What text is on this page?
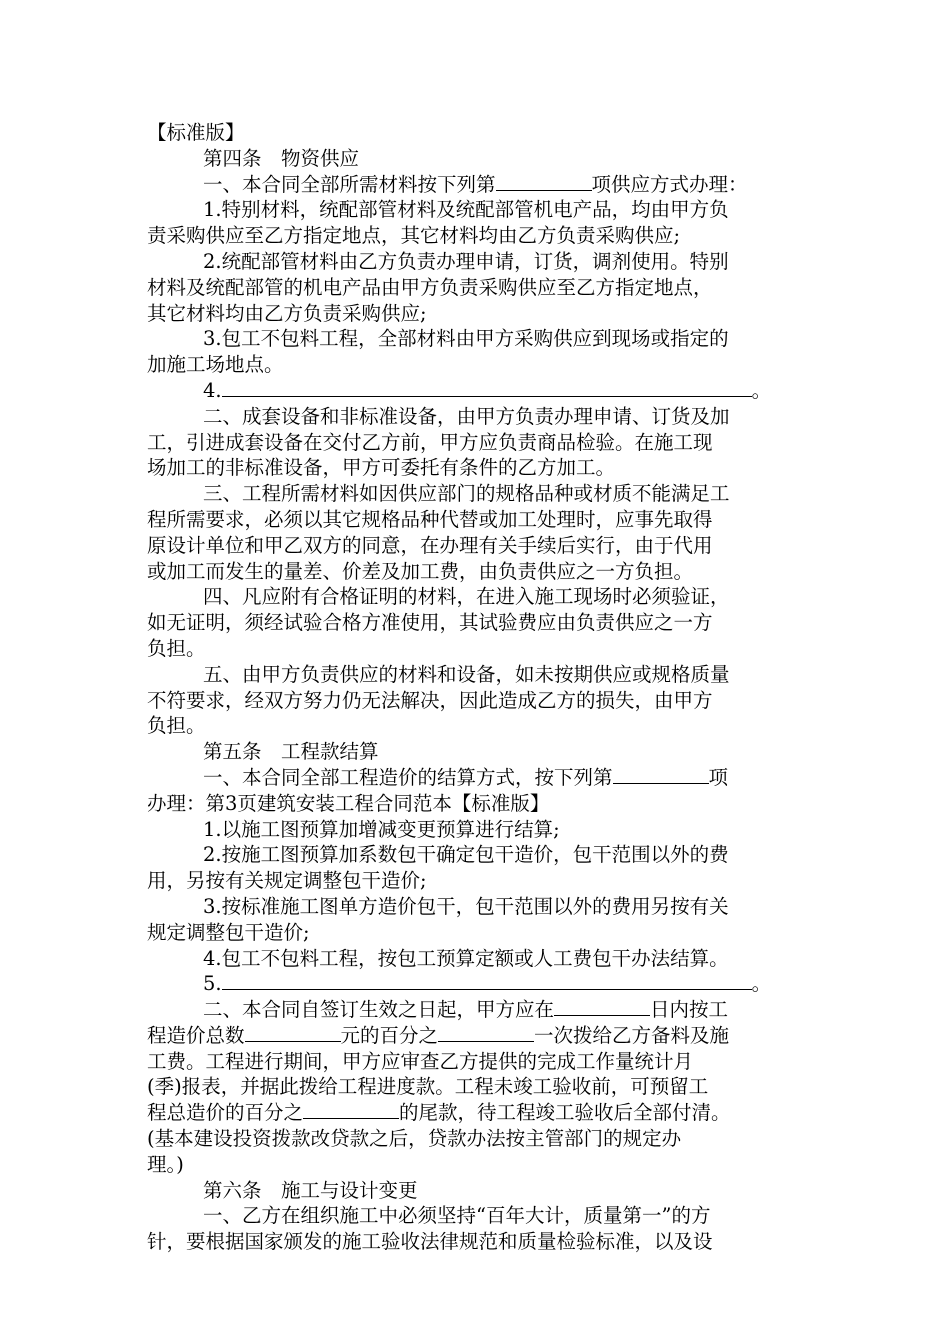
【标准版】
第四条　物资供应
一、本合同全部所需材料按下列第	项供应方式办理：
1.特别材料，统配部管材料及统配部管机电产品，均由甲方负
责采购供应至乙方指定地点，其它材料均由乙方负责采购供应;
2.统配部管材料由乙方负责办理申请，订货，调剂使用。特别
材料及统配部管的机电产品由甲方负责采购供应至乙方指定地点，
其它材料均由乙方负责采购供应;
3.包工不包料工程，全部材料由甲方采购供应到现场或指定的
加施工场地点。
4.	。
二、成套设备和非标准设备，由甲方负责办理申请、订货及加
工，引进成套设备在交付乙方前，甲方应负责商品检验。在施工现
场加工的非标准设备，甲方可委托有条件的乙方加工。
三、工程所需材料如因供应部门的规格品种或材质不能满足工
程所需要求，必须以其它规格品种代替或加工处理时，应事先取得
原设计单位和甲乙双方的同意，在办理有关手续后实行，由于代用
或加工而发生的量差、价差及加工费，由负责供应之一方负担。
四、凡应附有合格证明的材料，在进入施工现场时必须验证，
如无证明，须经试验合格方准使用，其试验费应由负责供应之一方
负担。
五、由甲方负责供应的材料和设备，如未按期供应或规格质量
不符要求，经双方努力仍无法解决，因此造成乙方的损失，由甲方
负担。
第五条　工程款结算
一、本合同全部工程造价的结算方式，按下列第	项
办理：第3页建筑安装工程合同范本【标准版】
1.以施工图预算加增减变更预算进行结算;
2.按施工图预算加系数包干确定包干造价，包干范围以外的费
用，另按有关规定调整包干造价;
3.按标准施工图单方造价包干，包干范围以外的费用另按有关
规定调整包干造价;
4.包工不包料工程，按包工预算定额或人工费包干办法结算。
5.	。
二、本合同自签订生效之日起，甲方应在	日内按工
程造价总数	元的百分之	一次拨给乙方备料及施
工费。工程进行期间，甲方应审查乙方提供的完成工作量统计月
(季)报表，并据此拨给工程进度款。工程未竣工验收前，可预留工
程总造价的百分之	的尾款，待工程竣工验收后全部付清。
(基本建设投资拨款改贷款之后，贷款办法按主管部门的规定办
理。)
第六条　施工与设计变更
一、乙方在组织施工中必须坚持“百年大计，质量第一”的方
针，要根据国家颁发的施工验收法律规范和质量检验标准，以及设
